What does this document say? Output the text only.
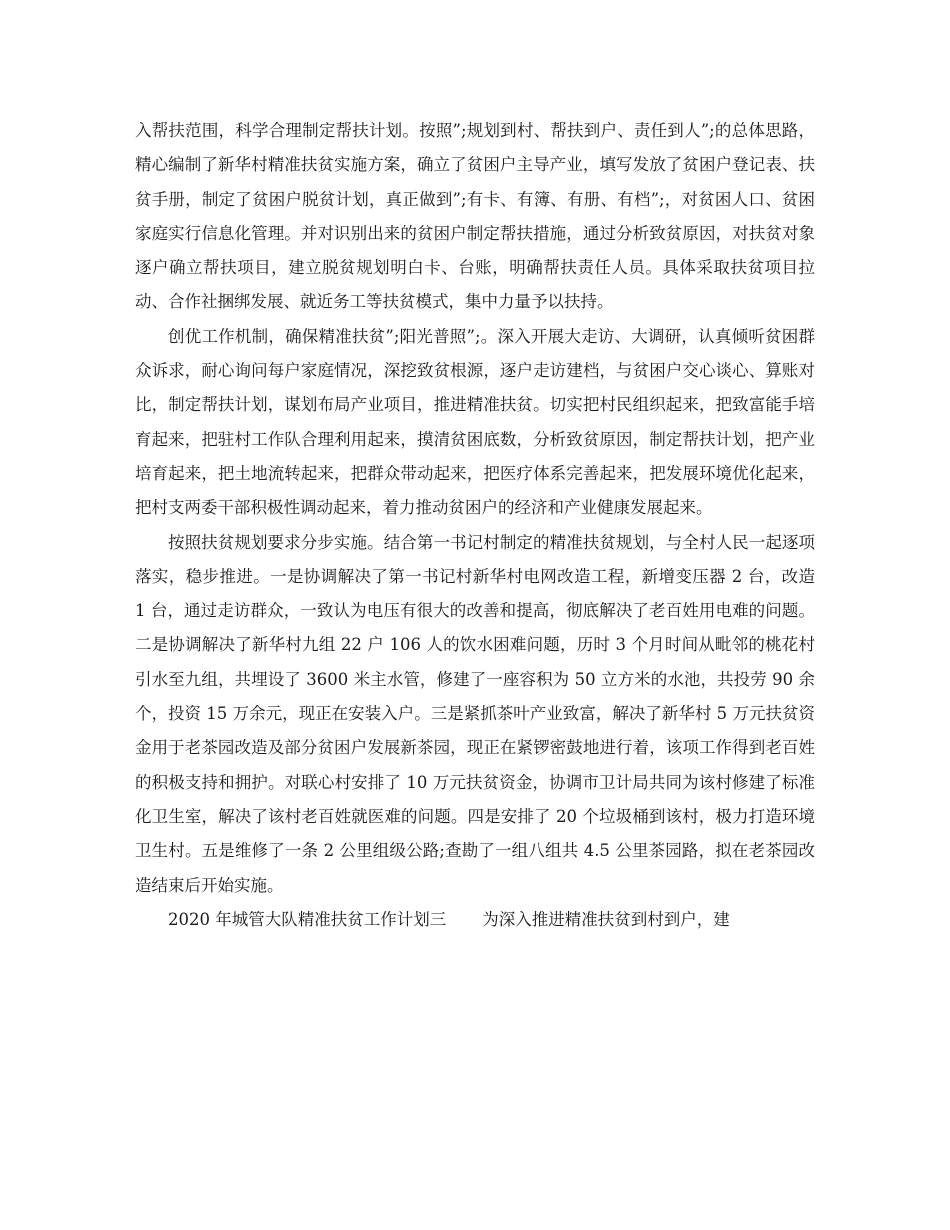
入帮扶范围，科学合理制定帮扶计划。按照”;规划到村、帮扶到户、责任到人”;的总体思路，精心编制了新华村精准扶贫实施方案，确立了贫困户主导产业，填写发放了贫困户登记表、扶贫手册，制定了贫困户脱贫计划，真正做到”;有卡、有簿、有册、有档”;，对贫困人口、贫困家庭实行信息化管理。并对识别出来的贫困户制定帮扶措施，通过分析致贫原因，对扶贫对象逐户确立帮扶项目，建立脱贫规划明白卡、台账，明确帮扶责任人员。具体采取扶贫项目拉动、合作社捆绑发展、就近务工等扶贫模式，集中力量予以扶持。

创优工作机制，确保精准扶贫”;阳光普照”;。深入开展大走访、大调研，认真倾听贫困群众诉求，耐心询问每户家庭情况，深挖致贫根源，逐户走访建档，与贫困户交心谈心、算账对比，制定帮扶计划，谋划布局产业项目，推进精准扶贫。切实把村民组织起来，把致富能手培育起来，把驻村工作队合理利用起来，摸清贫困底数，分析致贫原因，制定帮扶计划，把产业培育起来，把土地流转起来，把群众带动起来，把医疗体系完善起来，把发展环境优化起来，把村支两委干部积极性调动起来，着力推动贫困户的经济和产业健康发展起来。

按照扶贫规划要求分步实施。结合第一书记村制定的精准扶贫规划，与全村人民一起逐项落实，稳步推进。一是协调解决了第一书记村新华村电网改造工程，新增变压器 2 台，改造 1 台，通过走访群众，一致认为电压有很大的改善和提高，彻底解决了老百姓用电难的问题。二是协调解决了新华村九组 22 户 106 人的饮水困难问题，历时 3 个月时间从毗邻的桃花村引水至九组，共埋设了 3600 米主水管，修建了一座容积为 50 立方米的水池，共投劳 90 余个，投资 15 万余元，现正在安装入户。三是紧抓茶叶产业致富，解决了新华村 5 万元扶贫资金用于老茶园改造及部分贫困户发展新茶园，现正在紧锣密鼓地进行着，该项工作得到老百姓的积极支持和拥护。对联心村安排了 10 万元扶贫资金，协调市卫计局共同为该村修建了标准化卫生室，解决了该村老百姓就医难的问题。四是安排了 20 个垃圾桶到该村，极力打造环境卫生村。五是维修了一条 2 公里组级公路;查勘了一组八组共 4.5 公里茶园路，拟在老茶园改造结束后开始实施。

2020 年城管大队精准扶贫工作计划三 为深入推进精准扶贫到村到户，建
